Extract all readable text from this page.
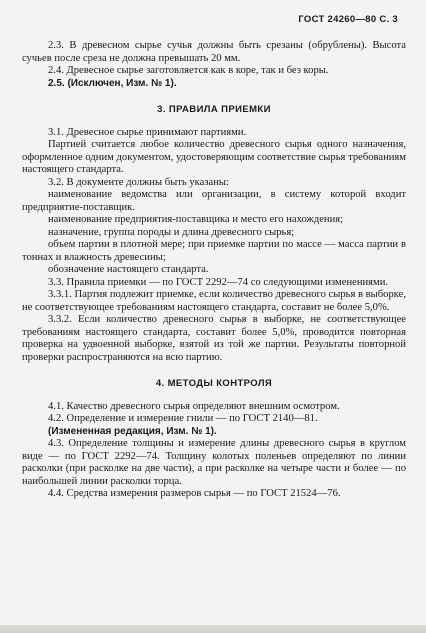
ГОСТ 24260—80 С. 3

2.3. В древесном сырье сучья должны быть срезаны (обрублены). Высота сучьев после среза не должна превышать 20 мм.

2.4. Древесное сырье заготовляется как в коре, так и без коры.

2.5. (Исключен, Изм. № 1).

3. ПРАВИЛА ПРИЕМКИ

3.1. Древесное сырье принимают партиями.

Партией считается любое количество древесного сырья одного назначения, оформленное одним документом, удостоверяющим соответствие сырья требованиям настоящего стандарта.

3.2. В документе должны быть указаны:

наименование ведомства или организации, в систему которой входит предприятие-поставщик.

наименование предприятия-поставщика и место его нахождения;

назначение, группа породы и длина древесного сырья;

объем партии в плотной мере; при приемке партии по массе — масса партии в тоннах и влажность древесины;

обозначение настоящего стандарта.

3.3. Правила приемки — по ГОСТ 2292—74 со следующими изменениями.

3.3.1. Партия подлежит приемке, если количество древесного сырья в выборке, не соответствующее требованиям настоящего стандарта, составит не более 5,0%.

3.3.2. Если количество древесного сырья в выборке, не соответствующее требованиям настоящего стандарта, составит более 5,0%, проводится повторная проверка на удвоенной выборке, взятой из той же партии. Результаты повторной проверки распространяются на всю партию.

4. МЕТОДЫ КОНТРОЛЯ

4.1. Качество древесного сырья определяют внешним осмотром.

4.2. Определение и измерение гнили — по ГОСТ 2140—81.

(Измененная редакция, Изм. № 1).

4.3. Определение толщины и измерение длины древесного сырья в круглом виде — по ГОСТ 2292—74. Толщину колотых поленьев определяют по линии расколки (при расколке на две части), а при расколке на четыре части и более — по наибольшей линии расколки торца.

4.4. Средства измерения размеров сырья — по ГОСТ 21524—76.
